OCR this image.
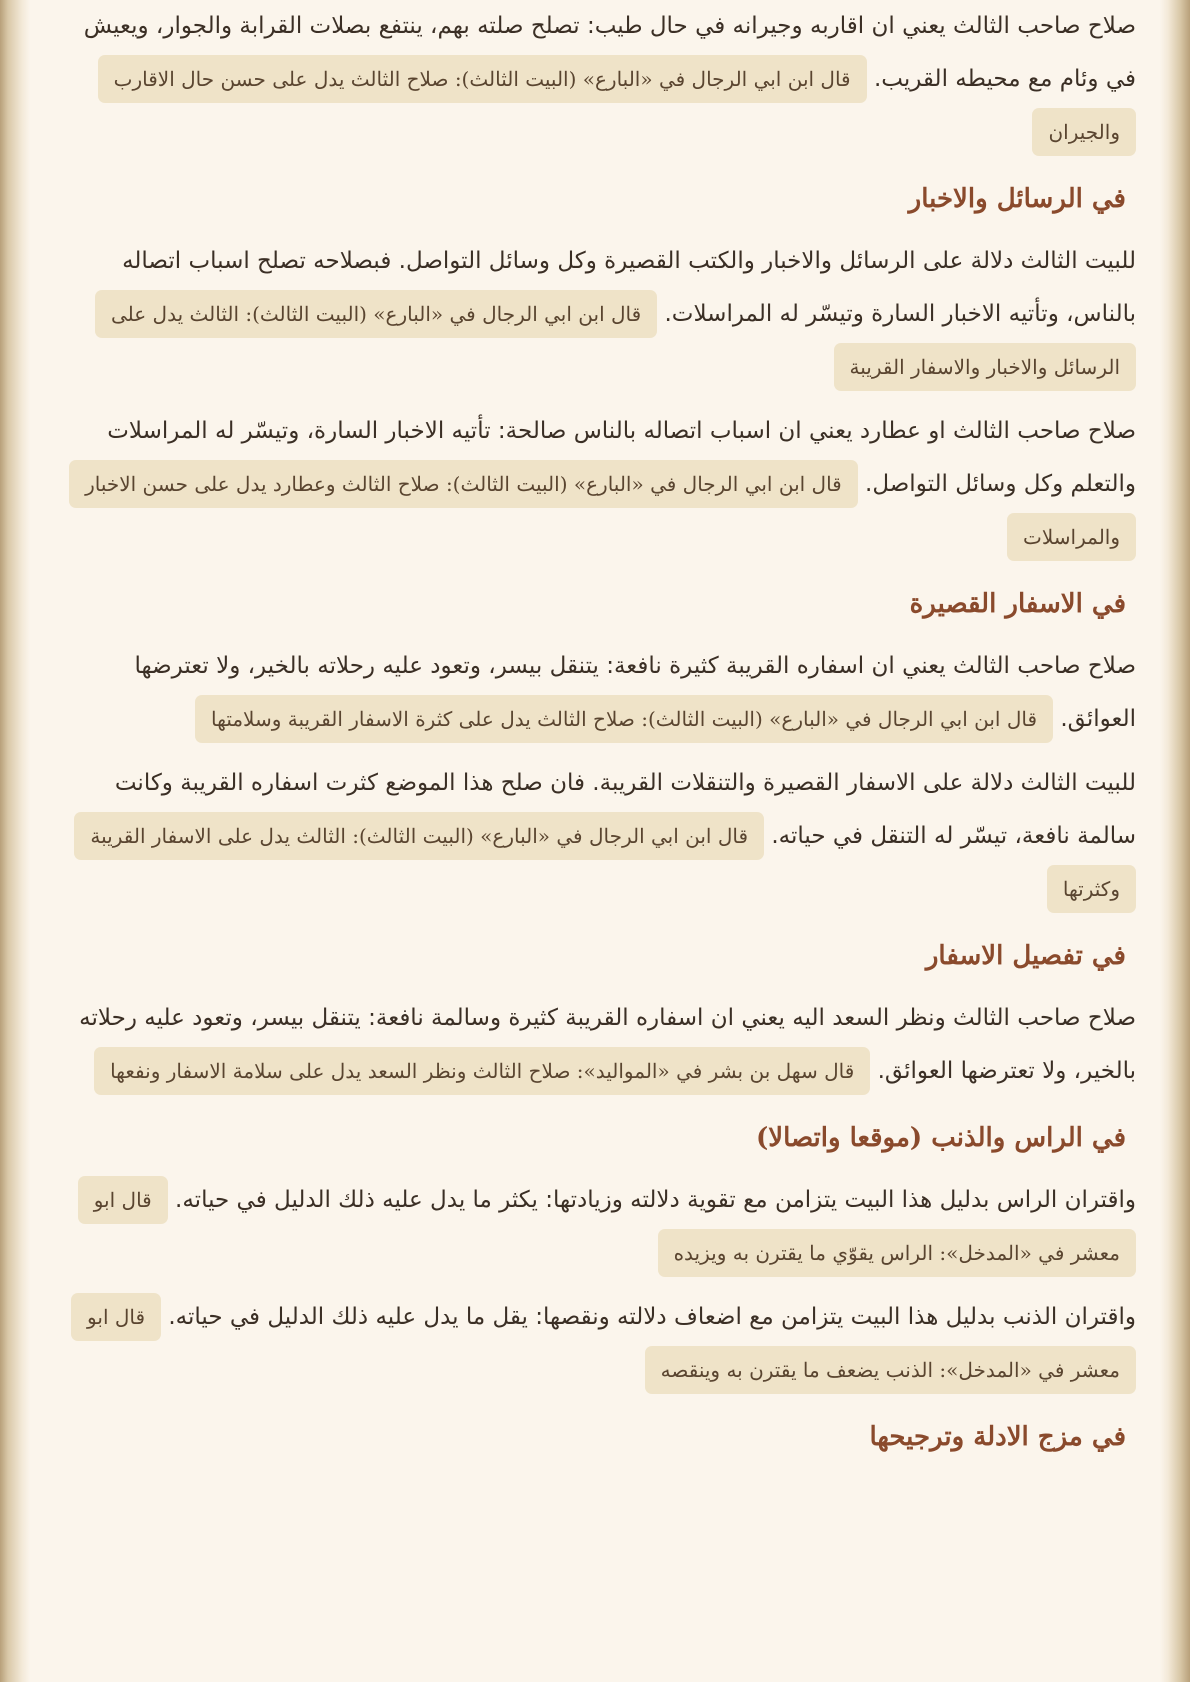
صلاح صاحب الثالث يعني ان اقاربه وجيرانه في حال طيب: تصلح صلته بهم، ينتفع بصلات القرابة والجوار، ويعيش في وئام مع محيطه القريب. قال ابن ابي الرجال في «البارع» (البيت الثالث): صلاح الثالث يدل على حسن حال الاقارب والجيران

في الرسائل والاخبار

للبيت الثالث دلالة على الرسائل والاخبار والكتب القصيرة وكل وسائل التواصل. فبصلاحه تصلح اسباب اتصاله بالناس، وتأتيه الاخبار السارة وتيسّر له المراسلات. قال ابن ابي الرجال في «البارع» (البيت الثالث): الثالث يدل على الرسائل والاخبار والاسفار القريبة

صلاح صاحب الثالث او عطارد يعني ان اسباب اتصاله بالناس صالحة: تأتيه الاخبار السارة، وتيسّر له المراسلات والتعلم وكل وسائل التواصل. قال ابن ابي الرجال في «البارع» (البيت الثالث): صلاح الثالث وعطارد يدل على حسن الاخبار والمراسلات

في الاسفار القصيرة

صلاح صاحب الثالث يعني ان اسفاره القريبة كثيرة نافعة: يتنقل بيسر، وتعود عليه رحلاته بالخير، ولا تعترضها العوائق. قال ابن ابي الرجال في «البارع» (البيت الثالث): صلاح الثالث يدل على كثرة الاسفار القريبة وسلامتها

للبيت الثالث دلالة على الاسفار القصيرة والتنقلات القريبة. فان صلح هذا الموضع كثرت اسفاره القريبة وكانت سالمة نافعة، تيسّر له التنقل في حياته. قال ابن ابي الرجال في «البارع» (البيت الثالث): الثالث يدل على الاسفار القريبة وكثرتها

في تفصيل الاسفار

صلاح صاحب الثالث ونظر السعد اليه يعني ان اسفاره القريبة كثيرة وسالمة نافعة: يتنقل بيسر، وتعود عليه رحلاته بالخير، ولا تعترضها العوائق. قال سهل بن بشر في «المواليد»: صلاح الثالث ونظر السعد يدل على سلامة الاسفار ونفعها

في الراس والذنب (موقعا واتصالا)

واقتران الراس بدليل هذا البيت يتزامن مع تقوية دلالته وزيادتها: يكثر ما يدل عليه ذلك الدليل في حياته. قال ابو معشر في «المدخل»: الراس يقوّي ما يقترن به ويزيده

واقتران الذنب بدليل هذا البيت يتزامن مع اضعاف دلالته ونقصها: يقل ما يدل عليه ذلك الدليل في حياته. قال ابو معشر في «المدخل»: الذنب يضعف ما يقترن به وينقصه

في مزج الادلة وترجيحها
